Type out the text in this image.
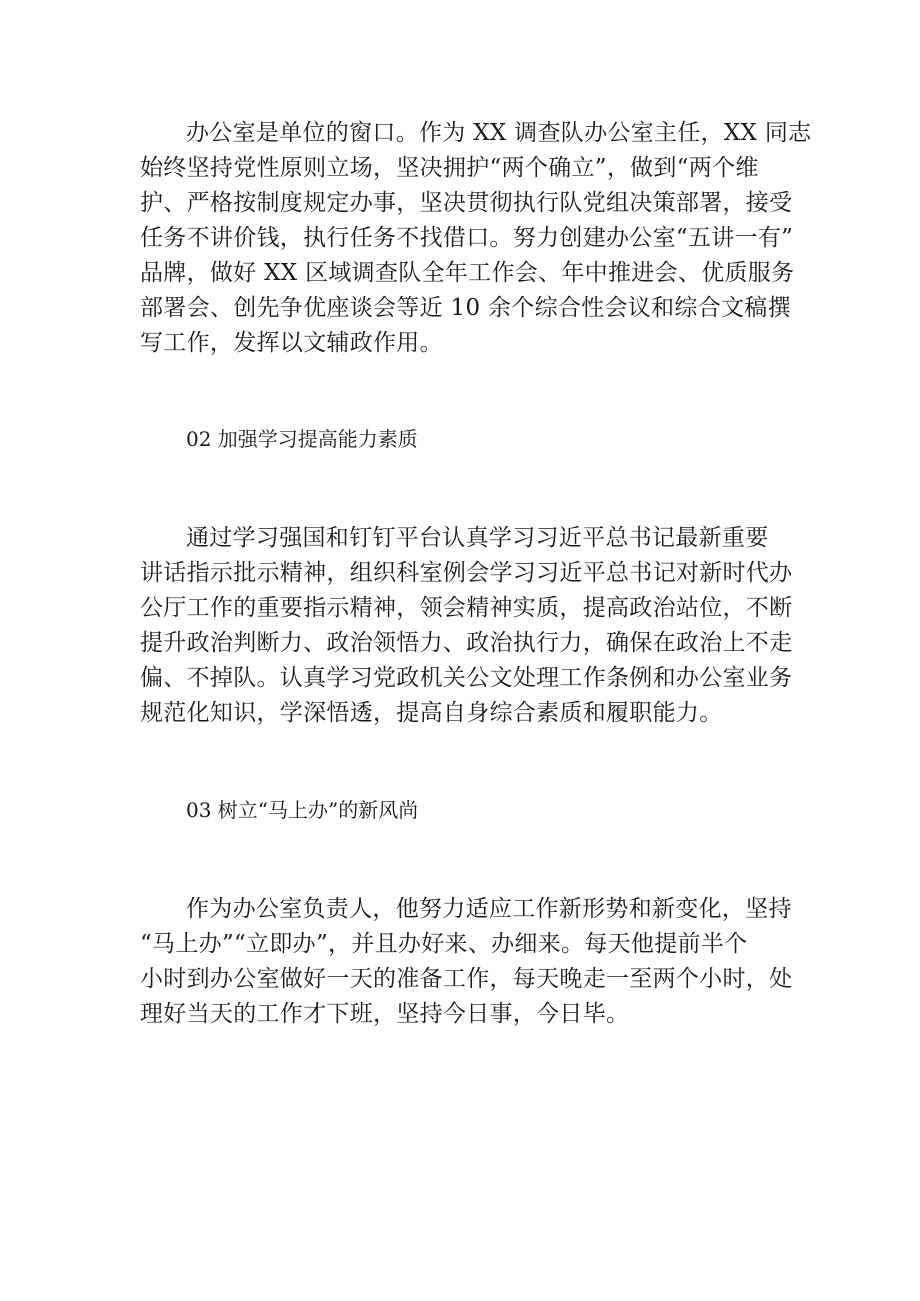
办公室是单位的窗口。作为 XX 调查队办公室主任，XX 同志
始终坚持党性原则立场，坚决拥护“两个确立”，做到“两个维
护、严格按制度规定办事，坚决贯彻执行队党组决策部署，接受
任务不讲价钱，执行任务不找借口。努力创建办公室“五讲一有”
品牌，做好 XX 区域调查队全年工作会、年中推进会、优质服务
部署会、创先争优座谈会等近 10 余个综合性会议和综合文稿撰
写工作，发挥以文辅政作用。
02 加强学习提高能力素质
通过学习强国和钉钉平台认真学习习近平总书记最新重要
讲话指示批示精神，组织科室例会学习习近平总书记对新时代办
公厅工作的重要指示精神，领会精神实质，提高政治站位，不断
提升政治判断力、政治领悟力、政治执行力，确保在政治上不走
偏、不掉队。认真学习党政机关公文处理工作条例和办公室业务
规范化知识，学深悟透，提高自身综合素质和履职能力。
03 树立“马上办”的新风尚
作为办公室负责人，他努力适应工作新形势和新变化，坚持
“马上办”“立即办”，并且办好来、办细来。每天他提前半个
小时到办公室做好一天的准备工作，每天晚走一至两个小时，处
理好当天的工作才下班，坚持今日事，今日毕。
